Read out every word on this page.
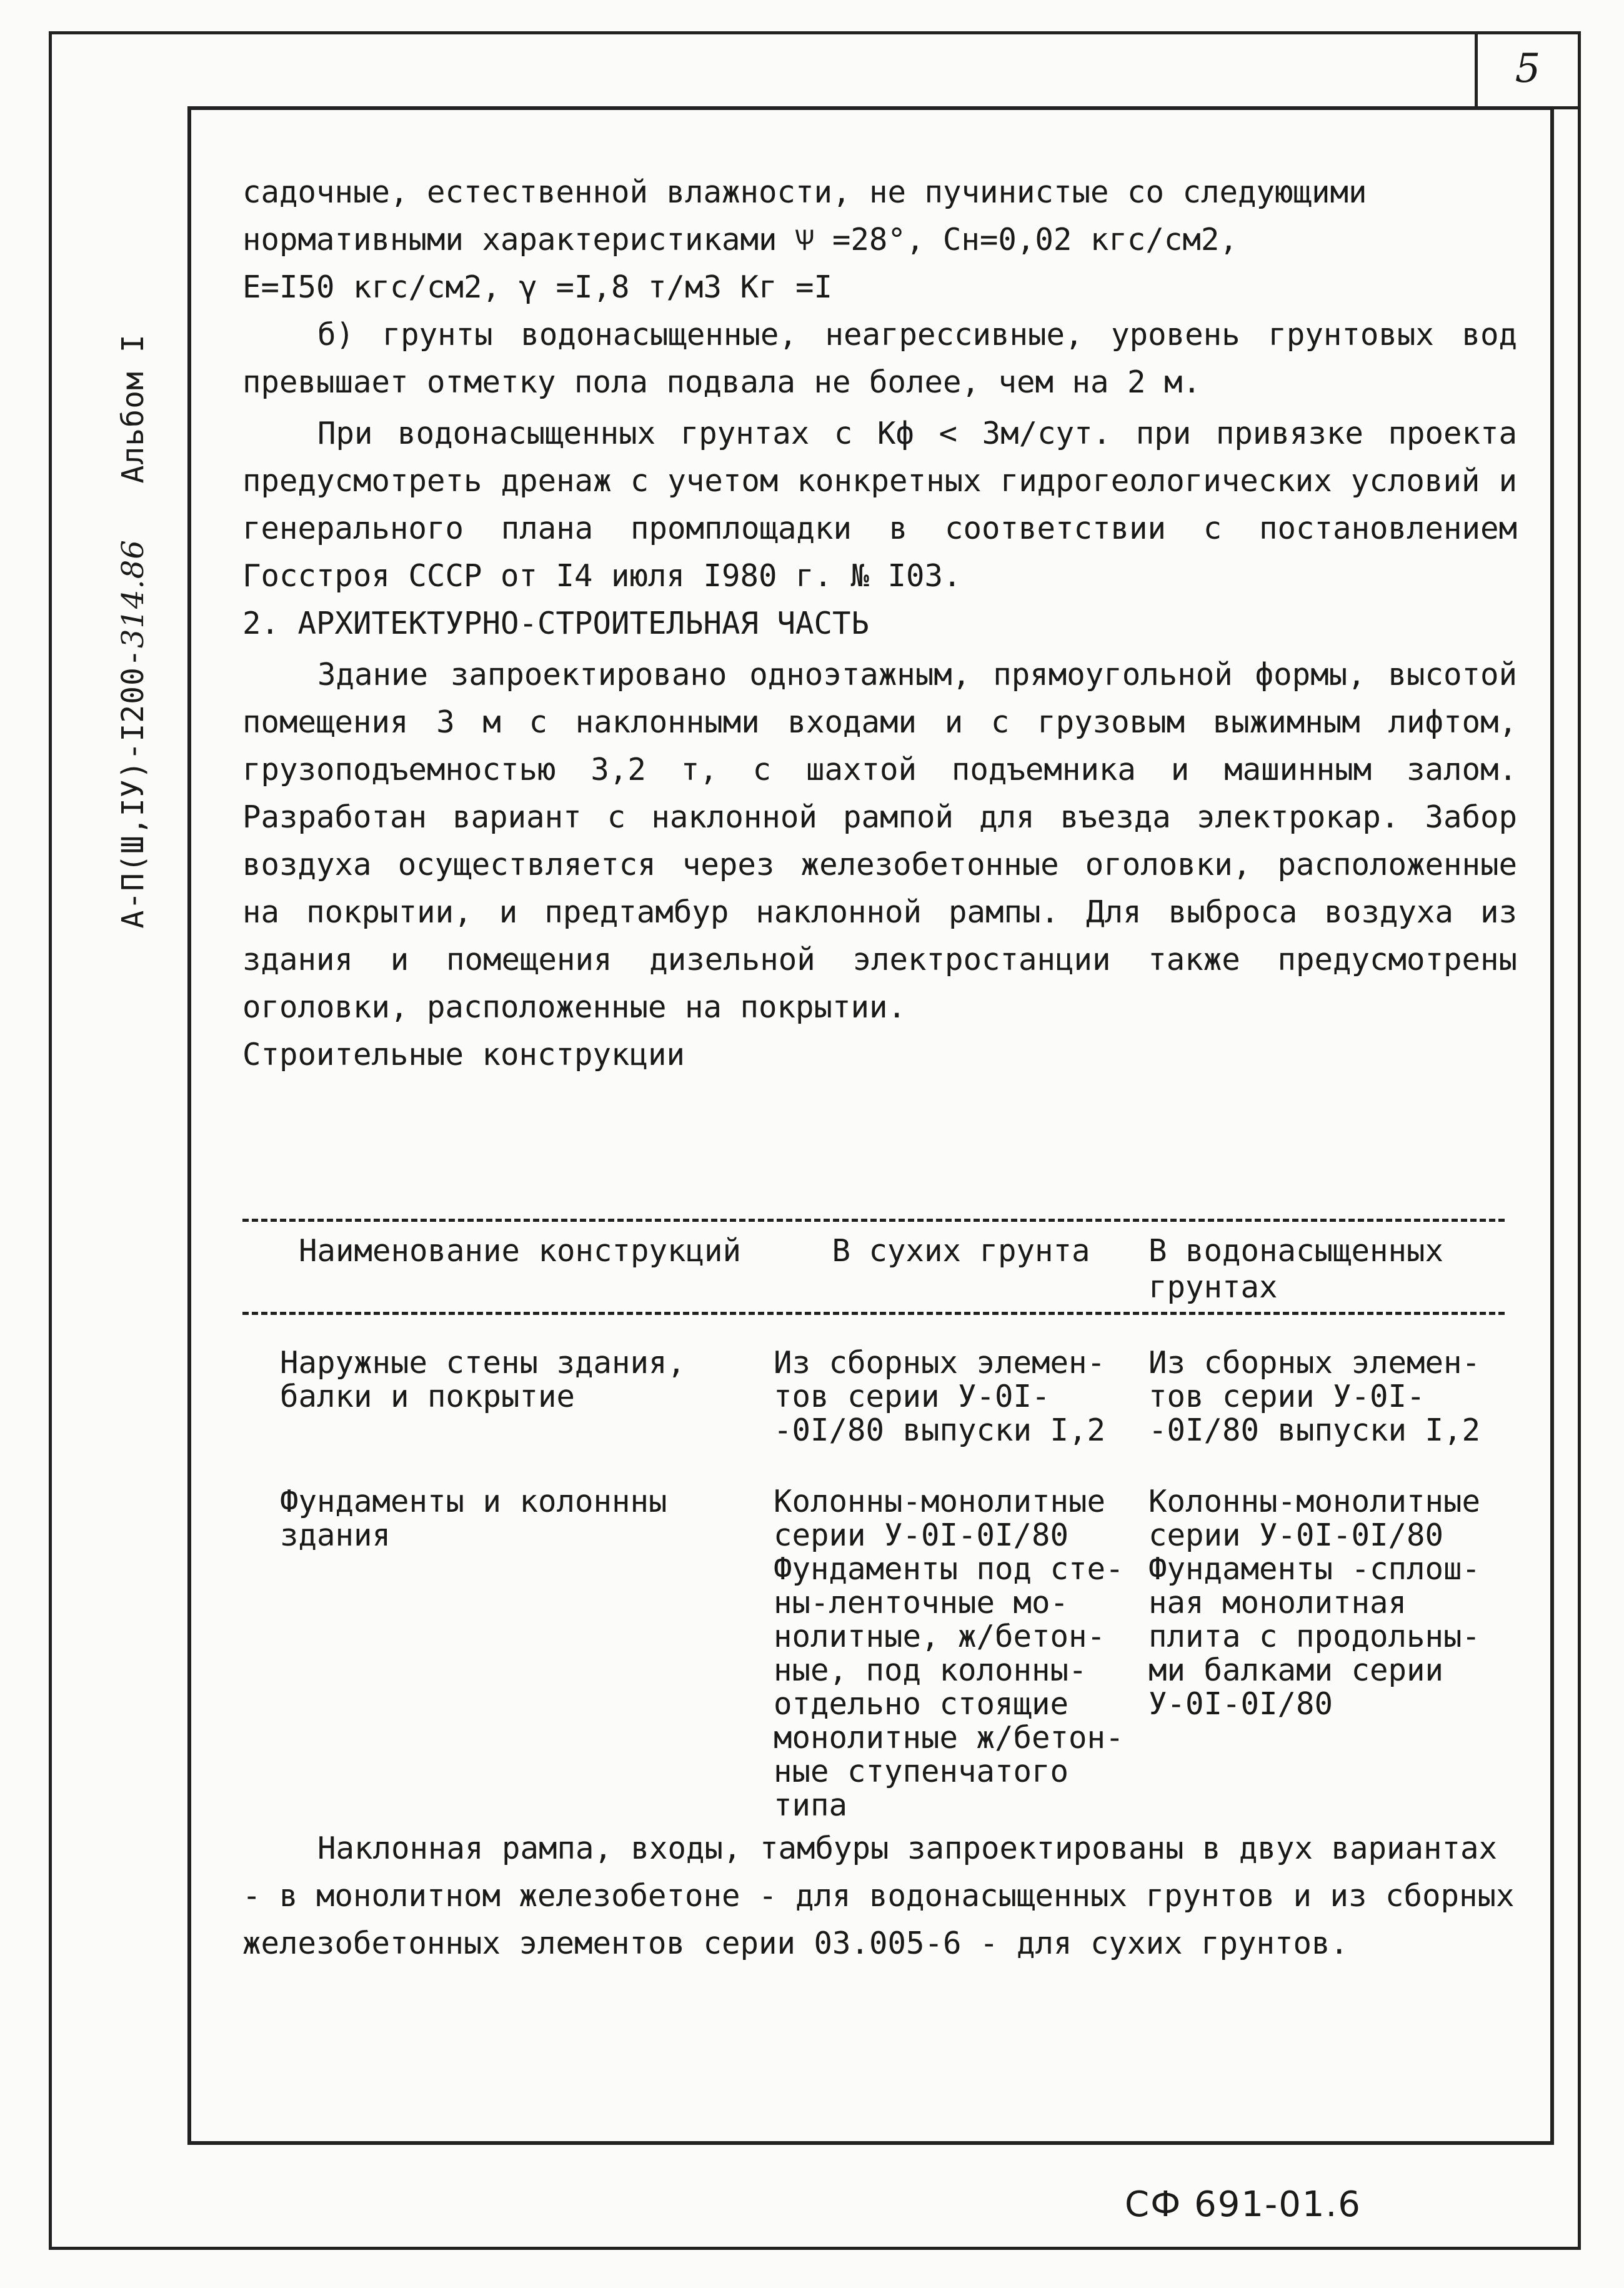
5
А-П(Ш,IУ)-I200-314.86   Альбом I

садочные, естественной влажности, не пучинистые со следующими
нормативными характеристиками Ѱ =28°, Сн=0,02 кгс/см2,
Е=I50 кгс/см2, γ =I,8 т/м3 Кг =I

б) грунты водонасыщенные, неагрессивные, уровень грунтовых вод превышает отметку пола подвала не более, чем на 2 м.

При водонасыщенных грунтах с Кф < 3м/сут. при привязке проекта предусмотреть дренаж с учетом конкретных гидрогеологических условий и генерального плана промплощадки в соответствии с постановлением Госстроя СССР от I4 июля I980 г. № I03.

2. АРХИТЕКТУРНО-СТРОИТЕЛЬНАЯ ЧАСТЬ

Здание запроектировано одноэтажным, прямоугольной формы, высотой помещения 3 м с наклонными входами и с грузовым выжимным лифтом, грузоподъемностью 3,2 т, с шахтой подъемника и машинным залом. Разработан вариант с наклонной рампой для въезда электрокар. Забор воздуха осуществляется через железобетонные оголовки, расположенные на покрытии, и предтамбур наклонной рампы. Для выброса воздуха из здания и помещения дизельной электростанции также предусмотрены оголовки, расположенные на покрытии.

Строительные конструкции

Наименование конструкций	В сухих грунта	В водонасыщенных грунтах
Наружные стены здания,
балки и покрытие
Из сборных элемен-
тов серии У-0I-
-0I/80 выпуски I,2
Из сборных элемен-
тов серии У-0I-
-0I/80 выпуски I,2
Фундаменты и колоннны
здания
Колонны-монолитные
серии У-0I-0I/80
Фундаменты под сте-
ны-ленточные мо-
нолитные, ж/бетон-
ные, под колонны-
отдельно стоящие
монолитные ж/бетон-
ные ступенчатого
типа
Колонны-монолитные
серии У-0I-0I/80
Фундаменты -сплош-
ная монолитная
плита с продольны-
ми балками серии
У-0I-0I/80

Наклонная рампа, входы, тамбуры запроектированы в двух вариантах - в монолитном железобетоне - для водонасыщенных грунтов и из сборных железобетонных элементов серии 03.005-6 - для сухих грунтов.

СФ 691-01.6
